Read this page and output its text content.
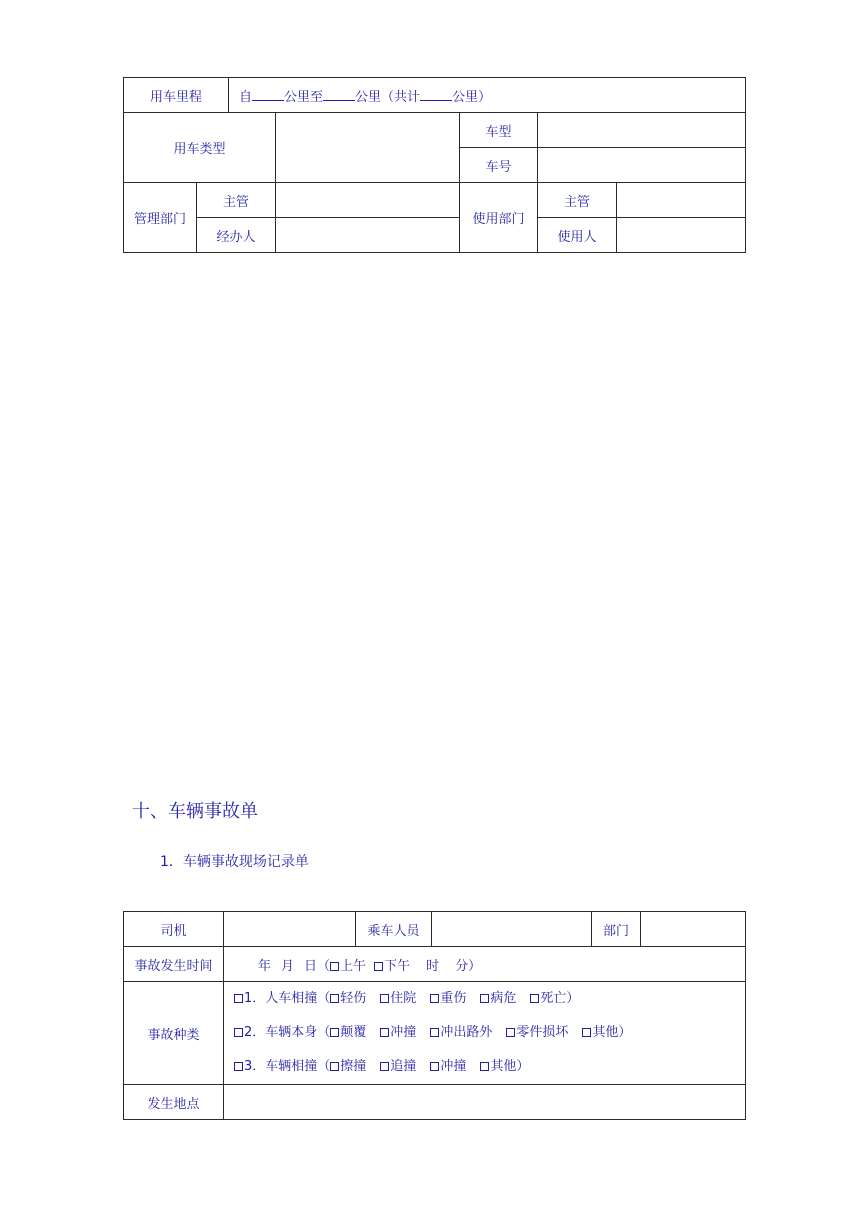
用车里程		自 公里至 公里（共计 公里）				
用车类型				车型		
				车号		
管理部门	主管			使用部门	主管	
	经办人				使用人	
十、车辆事故单
1．车辆事故现场记录单
司机		乘车人员		部门	
事故发生时间	年 月 日（ 上午 下午 时 分）				
事故种类	1．人车相撞（ 轻伤 住院 重伤 病危 死亡）
2．车辆本身（ 颠覆 冲撞 冲出路外 零件损坏 其他）
3．车辆相撞（ 擦撞 追撞 冲撞 其他）				

发生地点					
